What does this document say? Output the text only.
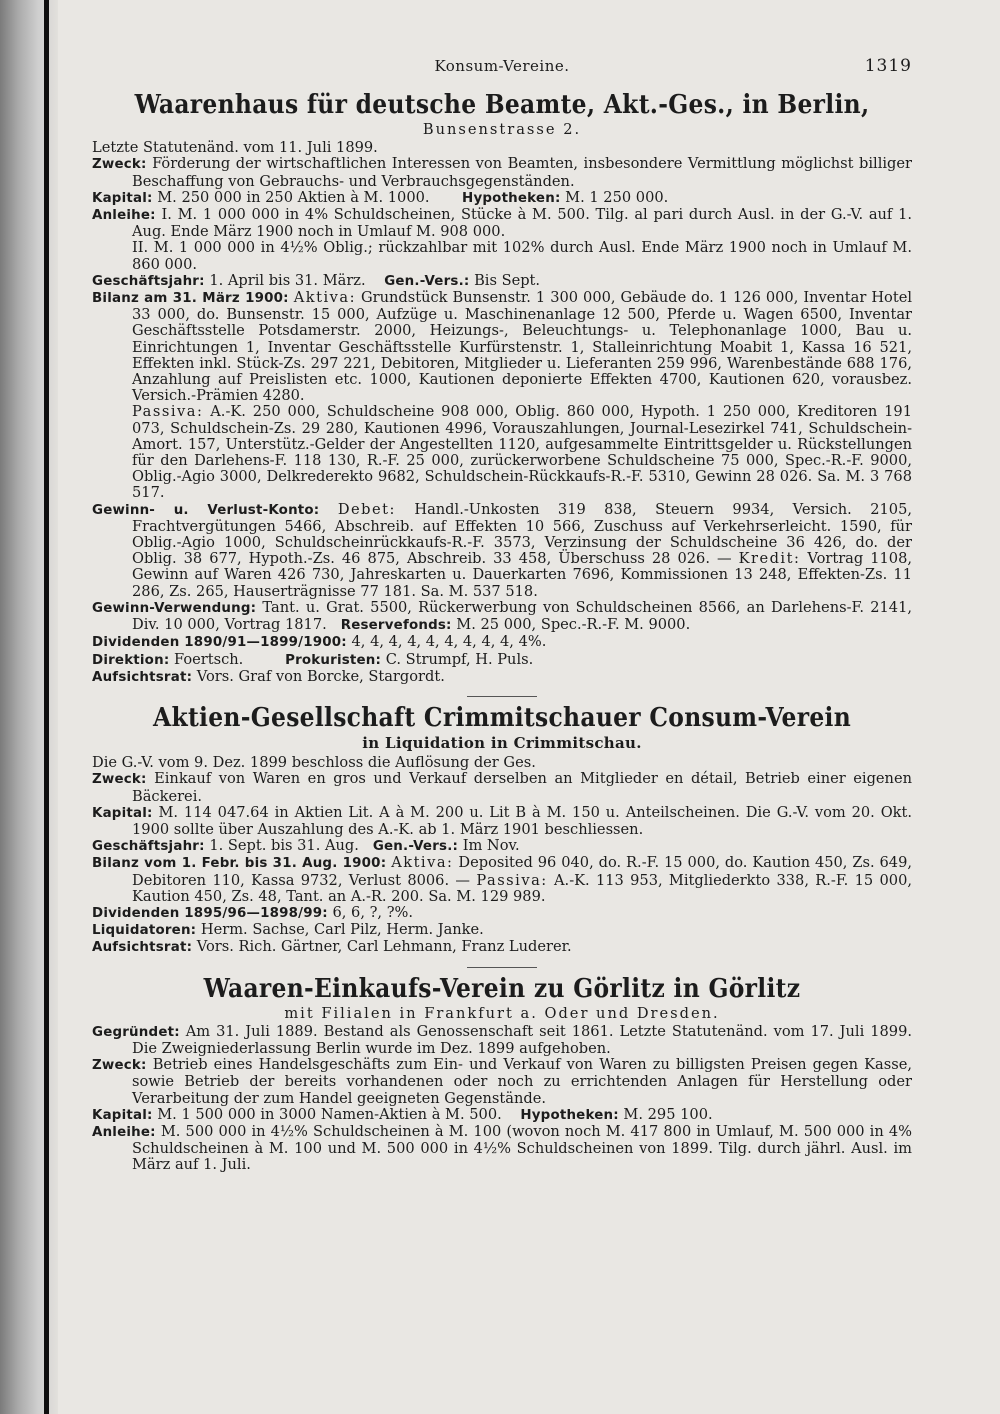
Konsum-Vereine.	1319
Waarenhaus für deutsche Beamte, Akt.-Ges., in Berlin,
Bunsenstrasse 2.

Letzte Statutenänd. vom 11. Juli 1899.

Zweck: Förderung der wirtschaftlichen Interessen von Beamten, insbesondere Vermittlung möglichst billiger Beschaffung von Gebrauchs- und Verbrauchsgegenständen.

Kapital: M. 250 000 in 250 Aktien à M. 1000. Hypotheken: M. 1 250 000.

Anleihe: I. M. 1 000 000 in 4% Schuldscheinen, Stücke à M. 500. Tilg. al pari durch Ausl. in der G.-V. auf 1. Aug. Ende März 1900 noch in Umlauf M. 908 000.

II. M. 1 000 000 in 4½% Oblig.; rückzahlbar mit 102% durch Ausl. Ende März 1900 noch in Umlauf M. 860 000.

Geschäftsjahr: 1. April bis 31. März. Gen.-Vers.: Bis Sept.

Bilanz am 31. März 1900: Aktiva: Grundstück Bunsenstr. 1 300 000, Gebäude do. 1 126 000, Inventar Hotel 33 000, do. Bunsenstr. 15 000, Aufzüge u. Maschinenanlage 12 500, Pferde u. Wagen 6500, Inventar Geschäftsstelle Potsdamerstr. 2000, Heizungs-, Beleuchtungs- u. Telephonanlage 1000, Bau u. Einrichtungen 1, Inventar Geschäftsstelle Kurfürstenstr. 1, Stalleinrichtung Moabit 1, Kassa 16 521, Effekten inkl. Stück-Zs. 297 221, Debitoren, Mitglieder u. Lieferanten 259 996, Warenbestände 688 176, Anzahlung auf Preislisten etc. 1000, Kautionen deponierte Effekten 4700, Kautionen 620, vorausbez. Versich.-Prämien 4280.

Passiva: A.-K. 250 000, Schuldscheine 908 000, Oblig. 860 000, Hypoth. 1 250 000, Kreditoren 191 073, Schuldschein-Zs. 29 280, Kautionen 4996, Vorauszahlungen, Journal-Lesezirkel 741, Schuldschein-Amort. 157, Unterstütz.-Gelder der Angestellten 1120, aufgesammelte Eintrittsgelder u. Rückstellungen für den Darlehens-F. 118 130, R.-F. 25 000, zurückerworbene Schuldscheine 75 000, Spec.-R.-F. 9000, Oblig.-Agio 3000, Delkrederekto 9682, Schuldschein-Rückkaufs-R.-F. 5310, Gewinn 28 026. Sa. M. 3 768 517.

Gewinn- u. Verlust-Konto: Debet: Handl.-Unkosten 319 838, Steuern 9934, Versich. 2105, Frachtvergütungen 5466, Abschreib. auf Effekten 10 566, Zuschuss auf Verkehrserleicht. 1590, für Oblig.-Agio 1000, Schuldscheinrückkaufs-R.-F. 3573, Verzinsung der Schuldscheine 36 426, do. der Oblig. 38 677, Hypoth.-Zs. 46 875, Abschreib. 33 458, Überschuss 28 026. — Kredit: Vortrag 1108, Gewinn auf Waren 426 730, Jahreskarten u. Dauerkarten 7696, Kommissionen 13 248, Effekten-Zs. 11 286, Zs. 265, Hauserträgnisse 77 181. Sa. M. 537 518.

Gewinn-Verwendung: Tant. u. Grat. 5500, Rückerwerbung von Schuldscheinen 8566, an Darlehens-F. 2141, Div. 10 000, Vortrag 1817. Reservefonds: M. 25 000, Spec.-R.-F. M. 9000.

Dividenden 1890/91—1899/1900: 4, 4, 4, 4, 4, 4, 4, 4, 4, 4%.

Direktion: Foertsch.	Prokuristen: C. Strumpf, H. Puls.

Aufsichtsrat: Vors. Graf von Borcke, Stargordt.

Aktien-Gesellschaft Crimmitschauer Consum-Verein
in Liquidation in Crimmitschau.

Die G.-V. vom 9. Dez. 1899 beschloss die Auflösung der Ges.

Zweck: Einkauf von Waren en gros und Verkauf derselben an Mitglieder en détail, Betrieb einer eigenen Bäckerei.

Kapital: M. 114 047.64 in Aktien Lit. A à M. 200 u. Lit B à M. 150 u. Anteilscheinen. Die G.-V. vom 20. Okt. 1900 sollte über Auszahlung des A.-K. ab 1. März 1901 beschliessen.

Geschäftsjahr: 1. Sept. bis 31. Aug. Gen.-Vers.: Im Nov.

Bilanz vom 1. Febr. bis 31. Aug. 1900: Aktiva: Deposited 96 040, do. R.-F. 15 000, do. Kaution 450, Zs. 649, Debitoren 110, Kassa 9732, Verlust 8006. — Passiva: A.-K. 113 953, Mitgliederkto 338, R.-F. 15 000, Kaution 450, Zs. 48, Tant. an A.-R. 200. Sa. M. 129 989.

Dividenden 1895/96—1898/99: 6, 6, ?, ?%.

Liquidatoren: Herm. Sachse, Carl Pilz, Herm. Janke.

Aufsichtsrat: Vors. Rich. Gärtner, Carl Lehmann, Franz Luderer.

Waaren-Einkaufs-Verein zu Görlitz in Görlitz
mit Filialen in Frankfurt a. Oder und Dresden.

Gegründet: Am 31. Juli 1889. Bestand als Genossenschaft seit 1861. Letzte Statutenänd. vom 17. Juli 1899. Die Zweigniederlassung Berlin wurde im Dez. 1899 aufgehoben.

Zweck: Betrieb eines Handelsgeschäfts zum Ein- und Verkauf von Waren zu billigsten Preisen gegen Kasse, sowie Betrieb der bereits vorhandenen oder noch zu errichtenden Anlagen für Herstellung oder Verarbeitung der zum Handel geeigneten Gegenstände.

Kapital: M. 1 500 000 in 3000 Namen-Aktien à M. 500. Hypotheken: M. 295 100.

Anleihe: M. 500 000 in 4½% Schuldscheinen à M. 100 (wovon noch M. 417 800 in Umlauf, M. 500 000 in 4% Schuldscheinen à M. 100 und M. 500 000 in 4½% Schuldscheinen von 1899. Tilg. durch jährl. Ausl. im März auf 1. Juli.
